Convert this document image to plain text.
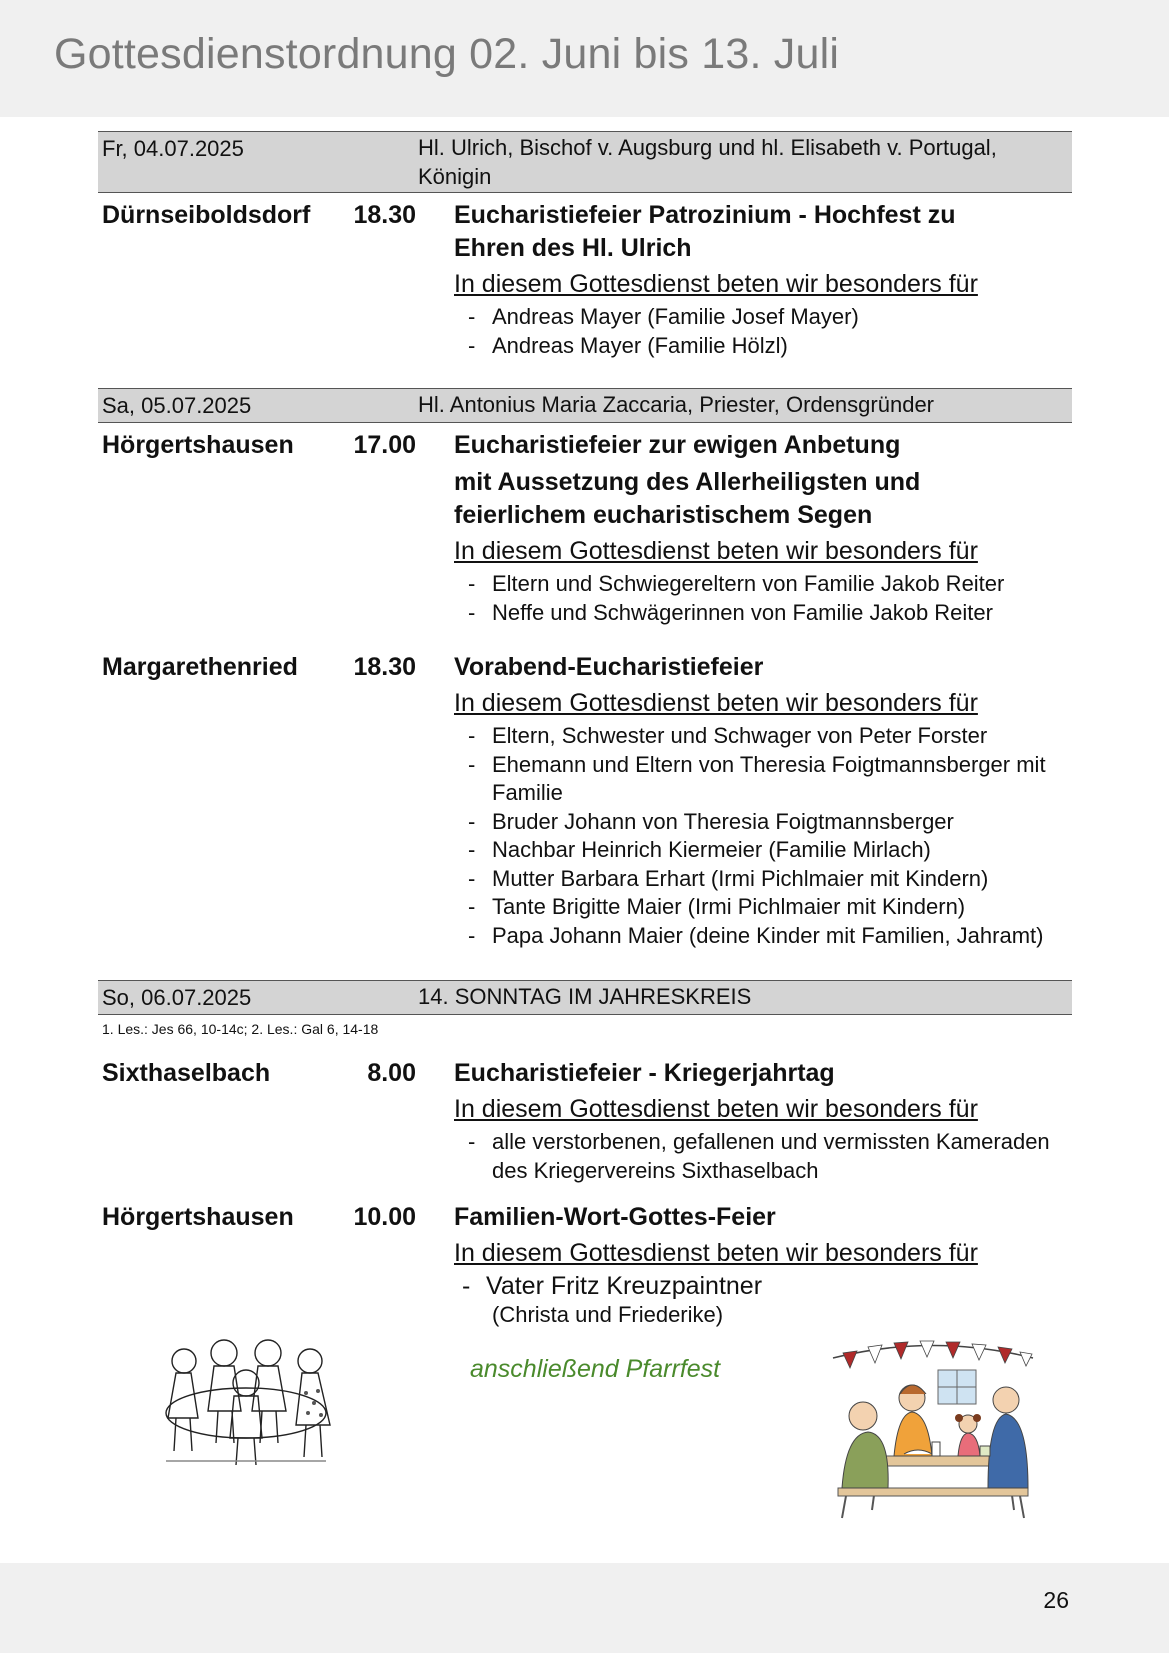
Gottesdienstordnung 02. Juni bis 13. Juli
Fr, 04.07.2025	Hl. Ulrich, Bischof v. Augsburg und hl. Elisabeth v. Portugal, Königin
Dürnseiboldsdorf	18.30 Eucharistiefeier Patrozinium - Hochfest zu
Ehren des Hl. Ulrich
In diesem Gottesdienst beten wir besonders für
- Andreas Mayer (Familie Josef Mayer)
- Andreas Mayer (Familie Hölzl)
Sa, 05.07.2025	Hl. Antonius Maria Zaccaria, Priester, Ordensgründer
Hörgertshausen	17.00 Eucharistiefeier zur ewigen Anbetung
mit Aussetzung des Allerheiligsten und
feierlichem eucharistischem Segen
In diesem Gottesdienst beten wir besonders für
- Eltern und Schwiegereltern von Familie Jakob Reiter
- Neffe und Schwägerinnen von Familie Jakob Reiter
Margarethenried	18.30 Vorabend-Eucharistiefeier
In diesem Gottesdienst beten wir besonders für
- Eltern, Schwester und Schwager von Peter Forster
- Ehemann und Eltern von Theresia Foigtmannsberger mit Familie
- Bruder Johann von Theresia Foigtmannsberger
- Nachbar Heinrich Kiermeier (Familie Mirlach)
- Mutter Barbara Erhart (Irmi Pichlmaier mit Kindern)
- Tante Brigitte Maier (Irmi Pichlmaier mit Kindern)
- Papa Johann Maier (deine Kinder mit Familien, Jahramt)
So, 06.07.2025	14. SONNTAG IM JAHRESKREIS
1. Les.: Jes 66, 10-14c; 2. Les.: Gal 6, 14-18
Sixthaselbach	8.00 Eucharistiefeier - Kriegerjahrtag
In diesem Gottesdienst beten wir besonders für
- alle verstorbenen, gefallenen und vermissten Kameraden des Kriegervereins Sixthaselbach
Hörgertshausen	10.00 Familien-Wort-Gottes-Feier
In diesem Gottesdienst beten wir besonders für
- Vater Fritz Kreuzpaintner
(Christa und Friederike)
anschließend Pfarrfest
26
